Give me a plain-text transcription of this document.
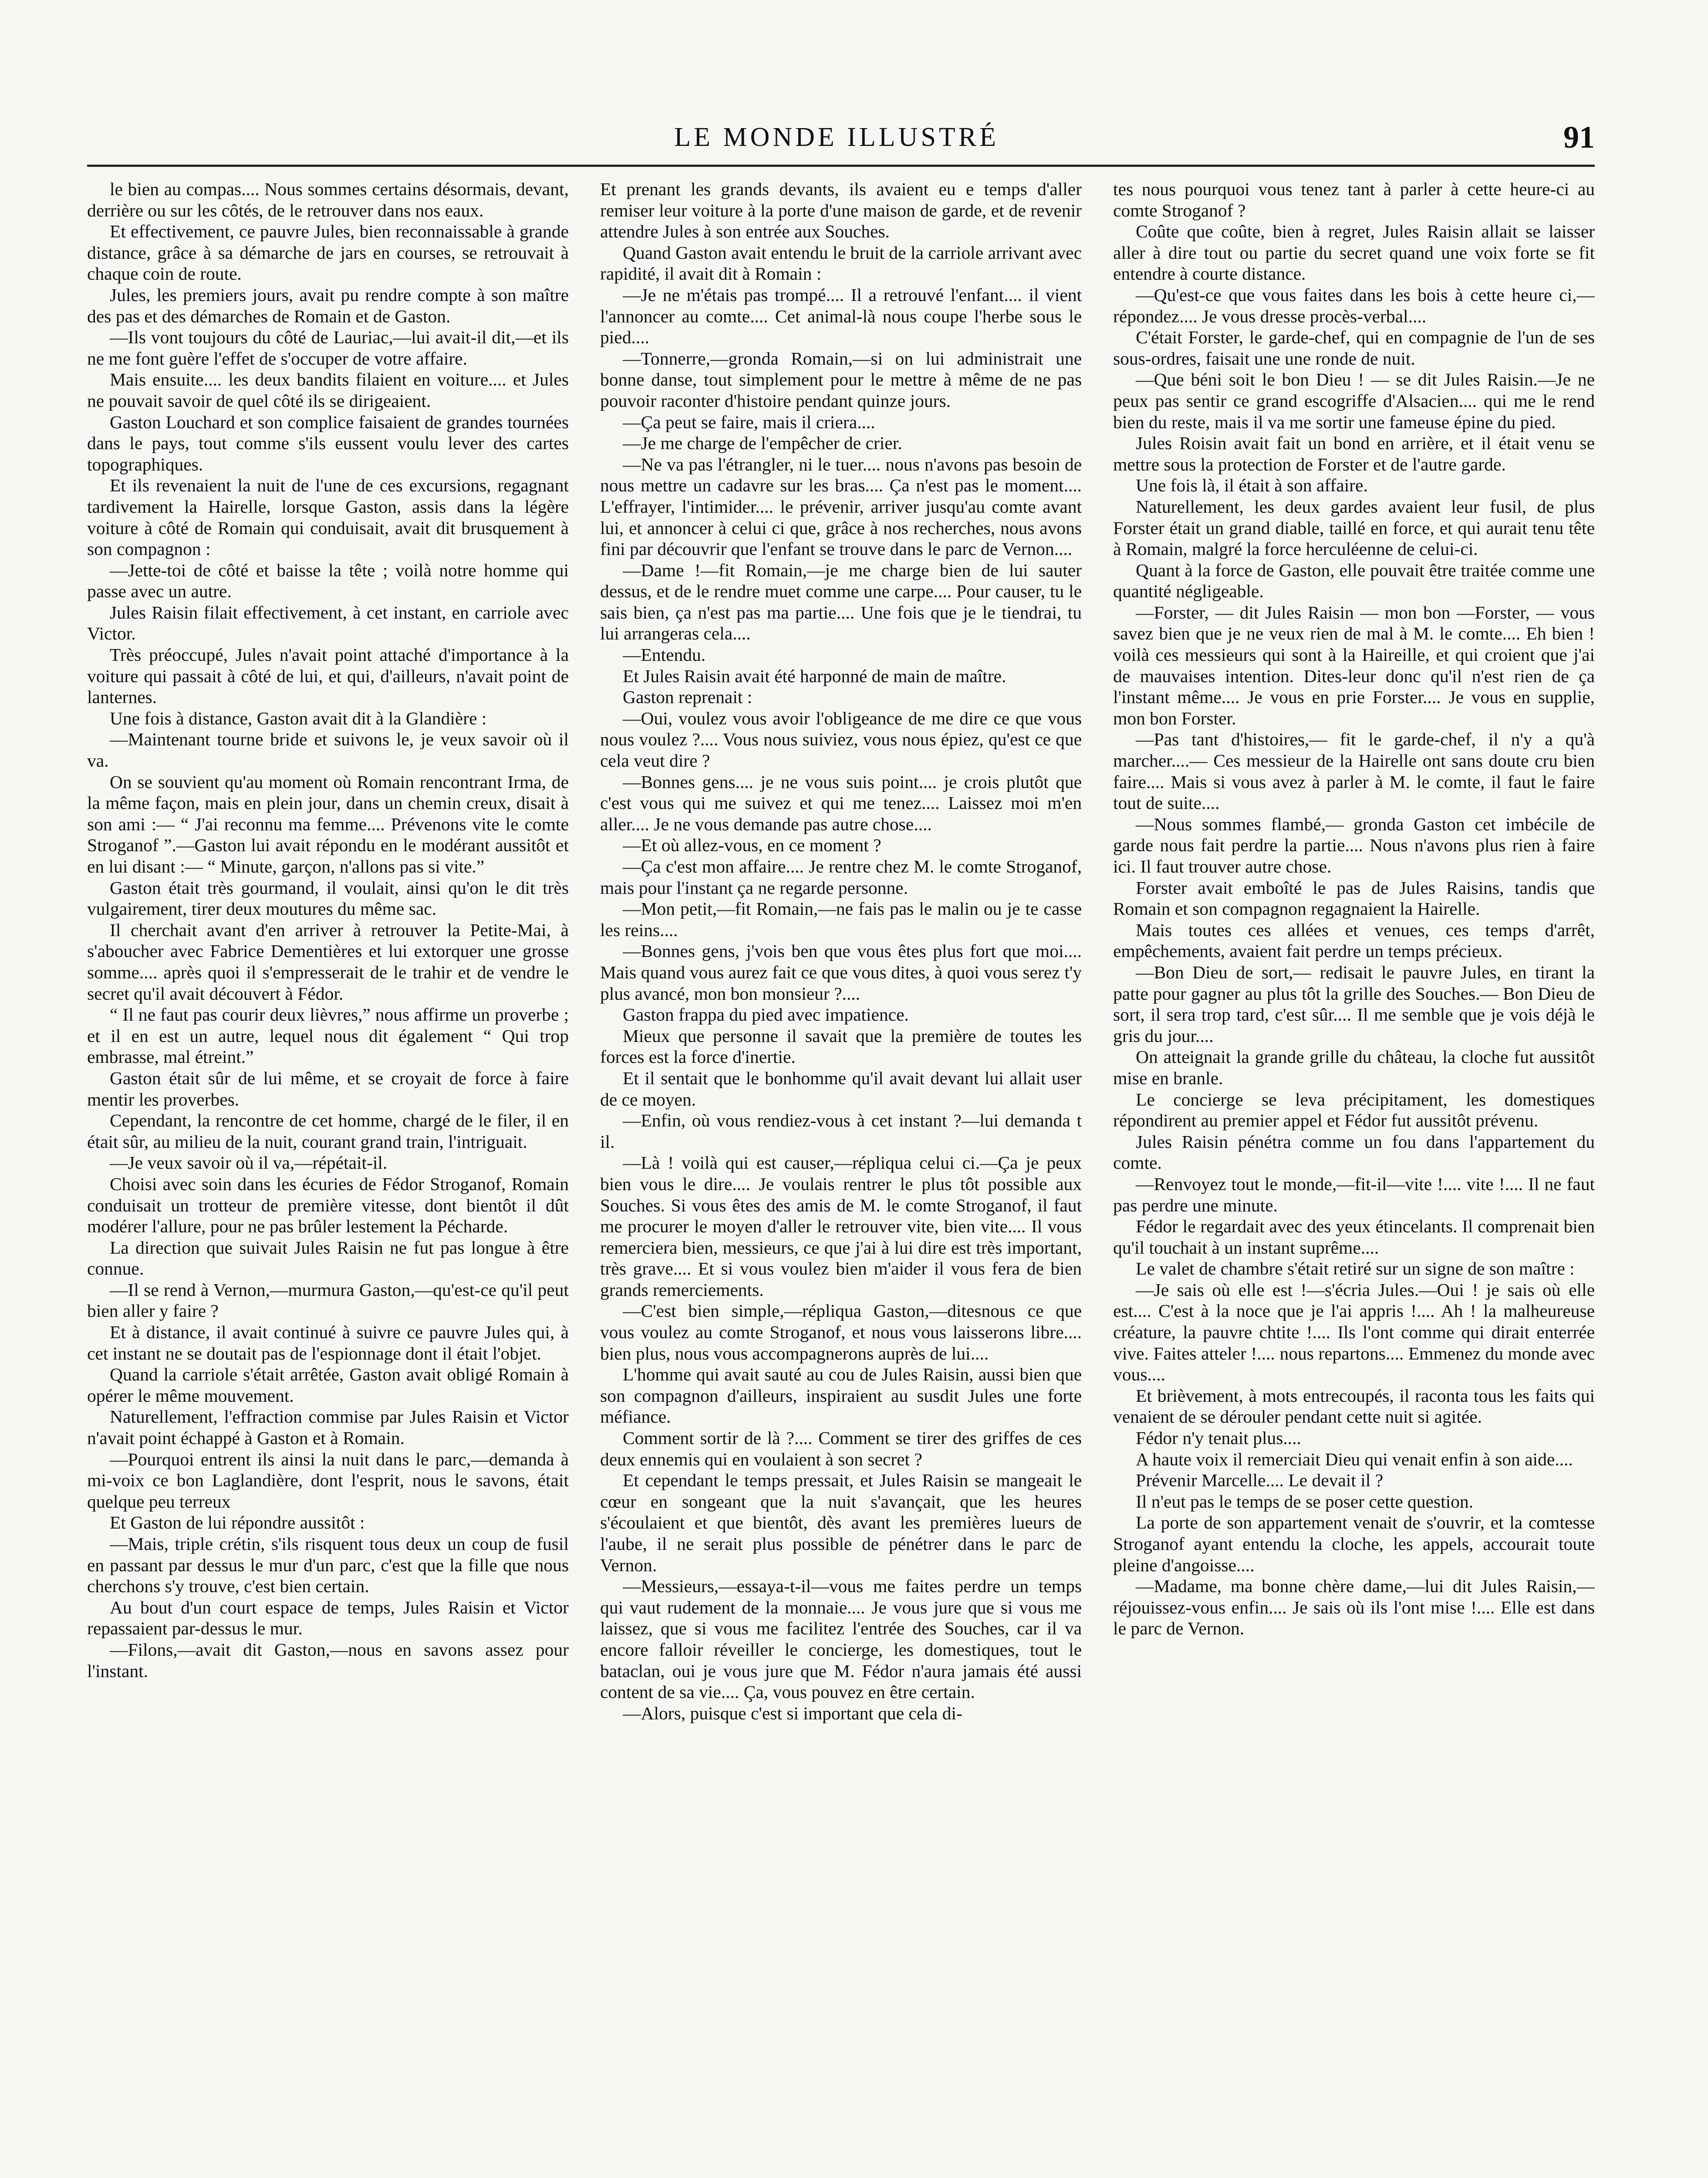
LE MONDE ILLUSTRÉ	91

le bien au compas.... Nous sommes certains désormais, devant, derrière ou sur les côtés, de le retrouver dans nos eaux.

Et effectivement, ce pauvre Jules, bien reconnaissable à grande distance, grâce à sa démarche de jars en courses, se retrouvait à chaque coin de route.

Jules, les premiers jours, avait pu rendre compte à son maître des pas et des démarches de Romain et de Gaston.

—Ils vont toujours du côté de Lauriac,—lui avait-il dit,—et ils ne me font guère l'effet de s'occuper de votre affaire.

Mais ensuite.... les deux bandits filaient en voiture.... et Jules ne pouvait savoir de quel côté ils se dirigeaient.

Gaston Louchard et son complice faisaient de grandes tournées dans le pays, tout comme s'ils eussent voulu lever des cartes topographiques.

Et ils revenaient la nuit de l'une de ces excursions, regagnant tardivement la Hairelle, lorsque Gaston, assis dans la légère voiture à côté de Romain qui conduisait, avait dit brusquement à son compagnon :

—Jette-toi de côté et baisse la tête ; voilà notre homme qui passe avec un autre.

Jules Raisin filait effectivement, à cet instant, en carriole avec Victor.

Très préoccupé, Jules n'avait point attaché d'importance à la voiture qui passait à côté de lui, et qui, d'ailleurs, n'avait point de lanternes.

Une fois à distance, Gaston avait dit à la Glandière :

—Maintenant tourne bride et suivons le, je veux savoir où il va.

On se souvient qu'au moment où Romain rencontrant Irma, de la même façon, mais en plein jour, dans un chemin creux, disait à son ami :— “ J'ai reconnu ma femme.... Prévenons vite le comte Stroganof ”.—Gaston lui avait répondu en le modérant aussitôt et en lui disant :— “ Minute, garçon, n'allons pas si vite.”

Gaston était très gourmand, il voulait, ainsi qu'on le dit très vulgairement, tirer deux moutures du même sac.

Il cherchait avant d'en arriver à retrouver la Petite-Mai, à s'aboucher avec Fabrice Dementières et lui extorquer une grosse somme.... après quoi il s'empresserait de le trahir et de vendre le secret qu'il avait découvert à Fédor.

“ Il ne faut pas courir deux lièvres,” nous affirme un proverbe ; et il en est un autre, lequel nous dit également “ Qui trop embrasse, mal étreint.”

Gaston était sûr de lui même, et se croyait de force à faire mentir les proverbes.

Cependant, la rencontre de cet homme, chargé de le filer, il en était sûr, au milieu de la nuit, courant grand train, l'intriguait.

—Je veux savoir où il va,—répétait-il.

Choisi avec soin dans les écuries de Fédor Stroganof, Romain conduisait un trotteur de première vitesse, dont bientôt il dût modérer l'allure, pour ne pas brûler lestement la Pécharde.

La direction que suivait Jules Raisin ne fut pas longue à être connue.

—Il se rend à Vernon,—murmura Gaston,—qu'est-ce qu'il peut bien aller y faire ?

Et à distance, il avait continué à suivre ce pauvre Jules qui, à cet instant ne se doutait pas de l'espionnage dont il était l'objet.

Quand la carriole s'était arrêtée, Gaston avait obligé Romain à opérer le même mouvement.

Naturellement, l'effraction commise par Jules Raisin et Victor n'avait point échappé à Gaston et à Romain.

—Pourquoi entrent ils ainsi la nuit dans le parc,—demanda à mi-voix ce bon Laglandière, dont l'esprit, nous le savons, était quelque peu terreux

Et Gaston de lui répondre aussitôt :

—Mais, triple crétin, s'ils risquent tous deux un coup de fusil en passant par dessus le mur d'un parc, c'est que la fille que nous cherchons s'y trouve, c'est bien certain.

Au bout d'un court espace de temps, Jules Raisin et Victor repassaient par-dessus le mur.

—Filons,—avait dit Gaston,—nous en savons assez pour l'instant.

Et prenant les grands devants, ils avaient eu e temps d'aller remiser leur voiture à la porte d'une maison de garde, et de revenir attendre Jules à son entrée aux Souches.

Quand Gaston avait entendu le bruit de la carriole arrivant avec rapidité, il avait dit à Romain :

—Je ne m'étais pas trompé.... Il a retrouvé l'enfant.... il vient l'annoncer au comte.... Cet animal-là nous coupe l'herbe sous le pied....

—Tonnerre,—gronda Romain,—si on lui administrait une bonne danse, tout simplement pour le mettre à même de ne pas pouvoir raconter d'histoire pendant quinze jours.

—Ça peut se faire, mais il criera....

—Je me charge de l'empêcher de crier.

—Ne va pas l'étrangler, ni le tuer.... nous n'avons pas besoin de nous mettre un cadavre sur les bras.... Ça n'est pas le moment.... L'effrayer, l'intimider.... le prévenir, arriver jusqu'au comte avant lui, et annoncer à celui ci que, grâce à nos recherches, nous avons fini par découvrir que l'enfant se trouve dans le parc de Vernon....

—Dame !—fit Romain,—je me charge bien de lui sauter dessus, et de le rendre muet comme une carpe.... Pour causer, tu le sais bien, ça n'est pas ma partie.... Une fois que je le tiendrai, tu lui arrangeras cela....

—Entendu.

Et Jules Raisin avait été harponné de main de maître.

Gaston reprenait :

—Oui, voulez vous avoir l'obligeance de me dire ce que vous nous voulez ?.... Vous nous suiviez, vous nous épiez, qu'est ce que cela veut dire ?

—Bonnes gens.... je ne vous suis point.... je crois plutôt que c'est vous qui me suivez et qui me tenez.... Laissez moi m'en aller.... Je ne vous demande pas autre chose....

—Et où allez-vous, en ce moment ?

—Ça c'est mon affaire.... Je rentre chez M. le comte Stroganof, mais pour l'instant ça ne regarde personne.

—Mon petit,—fit Romain,—ne fais pas le malin ou je te casse les reins....

—Bonnes gens, j'vois ben que vous êtes plus fort que moi.... Mais quand vous aurez fait ce que vous dites, à quoi vous serez t'y plus avancé, mon bon monsieur ?....

Gaston frappa du pied avec impatience.

Mieux que personne il savait que la première de toutes les forces est la force d'inertie.

Et il sentait que le bonhomme qu'il avait devant lui allait user de ce moyen.

—Enfin, où vous rendiez-vous à cet instant ?—lui demanda t il.

—Là ! voilà qui est causer,—répliqua celui ci.—Ça je peux bien vous le dire.... Je voulais rentrer le plus tôt possible aux Souches. Si vous êtes des amis de M. le comte Stroganof, il faut me procurer le moyen d'aller le retrouver vite, bien vite.... Il vous remerciera bien, messieurs, ce que j'ai à lui dire est très important, très grave.... Et si vous voulez bien m'aider il vous fera de bien grands remerciements.

—C'est bien simple,—répliqua Gaston,—ditesnous ce que vous voulez au comte Stroganof, et nous vous laisserons libre.... bien plus, nous vous accompagnerons auprès de lui....

L'homme qui avait sauté au cou de Jules Raisin, aussi bien que son compagnon d'ailleurs, inspiraient au susdit Jules une forte méfiance.

Comment sortir de là ?.... Comment se tirer des griffes de ces deux ennemis qui en voulaient à son secret ?

Et cependant le temps pressait, et Jules Raisin se mangeait le cœur en songeant que la nuit s'avançait, que les heures s'écoulaient et que bientôt, dès avant les premières lueurs de l'aube, il ne serait plus possible de pénétrer dans le parc de Vernon.

—Messieurs,—essaya-t-il—vous me faites perdre un temps qui vaut rudement de la monnaie.... Je vous jure que si vous me laissez, que si vous me facilitez l'entrée des Souches, car il va encore falloir réveiller le concierge, les domestiques, tout le bataclan, oui je vous jure que M. Fédor n'aura jamais été aussi content de sa vie.... Ça, vous pouvez en être certain.

—Alors, puisque c'est si important que cela di-

tes nous pourquoi vous tenez tant à parler à cette heure-ci au comte Stroganof ?

Coûte que coûte, bien à regret, Jules Raisin allait se laisser aller à dire tout ou partie du secret quand une voix forte se fit entendre à courte distance.

—Qu'est-ce que vous faites dans les bois à cette heure ci,—répondez.... Je vous dresse procès-verbal....

C'était Forster, le garde-chef, qui en compagnie de l'un de ses sous-ordres, faisait une une ronde de nuit.

—Que béni soit le bon Dieu ! — se dit Jules Raisin.—Je ne peux pas sentir ce grand escogriffe d'Alsacien.... qui me le rend bien du reste, mais il va me sortir une fameuse épine du pied.

Jules Roisin avait fait un bond en arrière, et il était venu se mettre sous la protection de Forster et de l'autre garde.

Une fois là, il était à son affaire.

Naturellement, les deux gardes avaient leur fusil, de plus Forster était un grand diable, taillé en force, et qui aurait tenu tête à Romain, malgré la force herculéenne de celui-ci.

Quant à la force de Gaston, elle pouvait être traitée comme une quantité négligeable.

—Forster, — dit Jules Raisin — mon bon —Forster, — vous savez bien que je ne veux rien de mal à M. le comte.... Eh bien ! voilà ces messieurs qui sont à la Haireille, et qui croient que j'ai de mauvaises intention. Dites-leur donc qu'il n'est rien de ça l'instant même.... Je vous en prie Forster.... Je vous en supplie, mon bon Forster.

—Pas tant d'histoires,— fit le garde-chef, il n'y a qu'à marcher....— Ces messieur de la Hairelle ont sans doute cru bien faire.... Mais si vous avez à parler à M. le comte, il faut le faire tout de suite....

—Nous sommes flambé,— gronda Gaston cet imbécile de garde nous fait perdre la partie.... Nous n'avons plus rien à faire ici. Il faut trouver autre chose.

Forster avait emboîté le pas de Jules Raisins, tandis que Romain et son compagnon regagnaient la Hairelle.

Mais toutes ces allées et venues, ces temps d'arrêt, empêchements, avaient fait perdre un temps précieux.

—Bon Dieu de sort,— redisait le pauvre Jules, en tirant la patte pour gagner au plus tôt la grille des Souches.— Bon Dieu de sort, il sera trop tard, c'est sûr.... Il me semble que je vois déjà le gris du jour....

On atteignait la grande grille du château, la cloche fut aussitôt mise en branle.

Le concierge se leva précipitament, les domestiques répondirent au premier appel et Fédor fut aussitôt prévenu.

Jules Raisin pénétra comme un fou dans l'appartement du comte.

—Renvoyez tout le monde,—fit-il—vite !.... vite !.... Il ne faut pas perdre une minute.

Fédor le regardait avec des yeux étincelants. Il comprenait bien qu'il touchait à un instant suprême....

Le valet de chambre s'était retiré sur un signe de son maître :

—Je sais où elle est !—s'écria Jules.—Oui ! je sais où elle est.... C'est à la noce que je l'ai appris !.... Ah ! la malheureuse créature, la pauvre chtite !.... Ils l'ont comme qui dirait enterrée vive. Faites atteler !.... nous repartons.... Emmenez du monde avec vous....

Et brièvement, à mots entrecoupés, il raconta tous les faits qui venaient de se dérouler pendant cette nuit si agitée.

Fédor n'y tenait plus....

A haute voix il remerciait Dieu qui venait enfin à son aide....

Prévenir Marcelle.... Le devait il ?

Il n'eut pas le temps de se poser cette question.

La porte de son appartement venait de s'ouvrir, et la comtesse Stroganof ayant entendu la cloche, les appels, accourait toute pleine d'angoisse....

—Madame, ma bonne chère dame,—lui dit Jules Raisin,—réjouissez-vous enfin.... Je sais où ils l'ont mise !.... Elle est dans le parc de Vernon.
